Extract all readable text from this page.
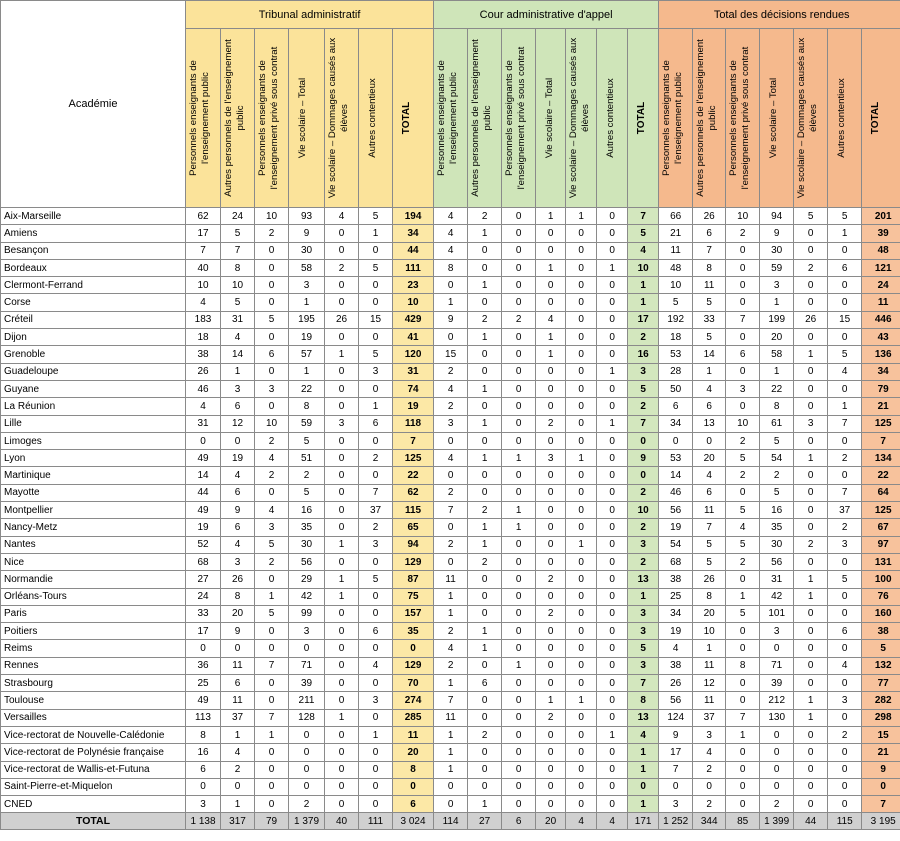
Académie	Tribunal administratif							Cour administrative d'appel							Total des décisions rendues						

	Personnels enseignants de l'enseignement public	Autres personnels de l'enseignement public	Personnels enseignants de l'enseignement privé sous contrat	Vie scolaire – Total	Vie scolaire – Dommages causés aux élèves	Autres contentieux	TOTAL	Personnels enseignants de l'enseignement public	Autres personnels de l'enseignement public	Personnels enseignants de l'enseignement privé sous contrat	Vie scolaire – Total	Vie scolaire – Dommages causés aux élèves	Autres contentieux	TOTAL	Personnels enseignants de l'enseignement public	Autres personnels de l'enseignement public	Personnels enseignants de l'enseignement privé sous contrat	Vie scolaire – Total	Vie scolaire – Dommages causés aux élèves	Autres contentieux	TOTAL

Aix-Marseille	62	24	10	93	4	5	194	4	2	0	1	1	0	7	66	26	10	94	5	5	201
Amiens	17	5	2	9	0	1	34	4	1	0	0	0	0	5	21	6	2	9	0	1	39
Besançon	7	7	0	30	0	0	44	4	0	0	0	0	0	4	11	7	0	30	0	0	48
Bordeaux	40	8	0	58	2	5	111	8	0	0	1	0	1	10	48	8	0	59	2	6	121
Clermont-Ferrand	10	10	0	3	0	0	23	0	1	0	0	0	0	1	10	11	0	3	0	0	24
Corse	4	5	0	1	0	0	10	1	0	0	0	0	0	1	5	5	0	1	0	0	11
Créteil	183	31	5	195	26	15	429	9	2	2	4	0	0	17	192	33	7	199	26	15	446
Dijon	18	4	0	19	0	0	41	0	1	0	1	0	0	2	18	5	0	20	0	0	43
Grenoble	38	14	6	57	1	5	120	15	0	0	1	0	0	16	53	14	6	58	1	5	136
Guadeloupe	26	1	0	1	0	3	31	2	0	0	0	0	1	3	28	1	0	1	0	4	34
Guyane	46	3	3	22	0	0	74	4	1	0	0	0	0	5	50	4	3	22	0	0	79
La Réunion	4	6	0	8	0	1	19	2	0	0	0	0	0	2	6	6	0	8	0	1	21
Lille	31	12	10	59	3	6	118	3	1	0	2	0	1	7	34	13	10	61	3	7	125
Limoges	0	0	2	5	0	0	7	0	0	0	0	0	0	0	0	0	2	5	0	0	7
Lyon	49	19	4	51	0	2	125	4	1	1	3	1	0	9	53	20	5	54	1	2	134
Martinique	14	4	2	2	0	0	22	0	0	0	0	0	0	0	14	4	2	2	0	0	22
Mayotte	44	6	0	5	0	7	62	2	0	0	0	0	0	2	46	6	0	5	0	7	64
Montpellier	49	9	4	16	0	37	115	7	2	1	0	0	0	10	56	11	5	16	0	37	125
Nancy-Metz	19	6	3	35	0	2	65	0	1	1	0	0	0	2	19	7	4	35	0	2	67
Nantes	52	4	5	30	1	3	94	2	1	0	0	1	0	3	54	5	5	30	2	3	97
Nice	68	3	2	56	0	0	129	0	2	0	0	0	0	2	68	5	2	56	0	0	131
Normandie	27	26	0	29	1	5	87	11	0	0	2	0	0	13	38	26	0	31	1	5	100
Orléans-Tours	24	8	1	42	1	0	75	1	0	0	0	0	0	1	25	8	1	42	1	0	76
Paris	33	20	5	99	0	0	157	1	0	0	2	0	0	3	34	20	5	101	0	0	160
Poitiers	17	9	0	3	0	6	35	2	1	0	0	0	0	3	19	10	0	3	0	6	38
Reims	0	0	0	0	0	0	0	4	1	0	0	0	0	5	4	1	0	0	0	0	5
Rennes	36	11	7	71	0	4	129	2	0	1	0	0	0	3	38	11	8	71	0	4	132
Strasbourg	25	6	0	39	0	0	70	1	6	0	0	0	0	7	26	12	0	39	0	0	77
Toulouse	49	11	0	211	0	3	274	7	0	0	1	1	0	8	56	11	0	212	1	3	282
Versailles	113	37	7	128	1	0	285	11	0	0	2	0	0	13	124	37	7	130	1	0	298
Vice-rectorat de Nouvelle-Calédonie	8	1	1	0	0	1	11	1	2	0	0	0	1	4	9	3	1	0	0	2	15
Vice-rectorat de Polynésie française	16	4	0	0	0	0	20	1	0	0	0	0	0	1	17	4	0	0	0	0	21
Vice-rectorat de Wallis-et-Futuna	6	2	0	0	0	0	8	1	0	0	0	0	0	1	7	2	0	0	0	0	9
Saint-Pierre-et-Miquelon	0	0	0	0	0	0	0	0	0	0	0	0	0	0	0	0	0	0	0	0	0
CNED	3	1	0	2	0	0	6	0	1	0	0	0	0	1	3	2	0	2	0	0	7
TOTAL	1 138	317	79	1 379	40	111	3 024	114	27	6	20	4	4	171	1 252	344	85	1 399	44	115	3 195
